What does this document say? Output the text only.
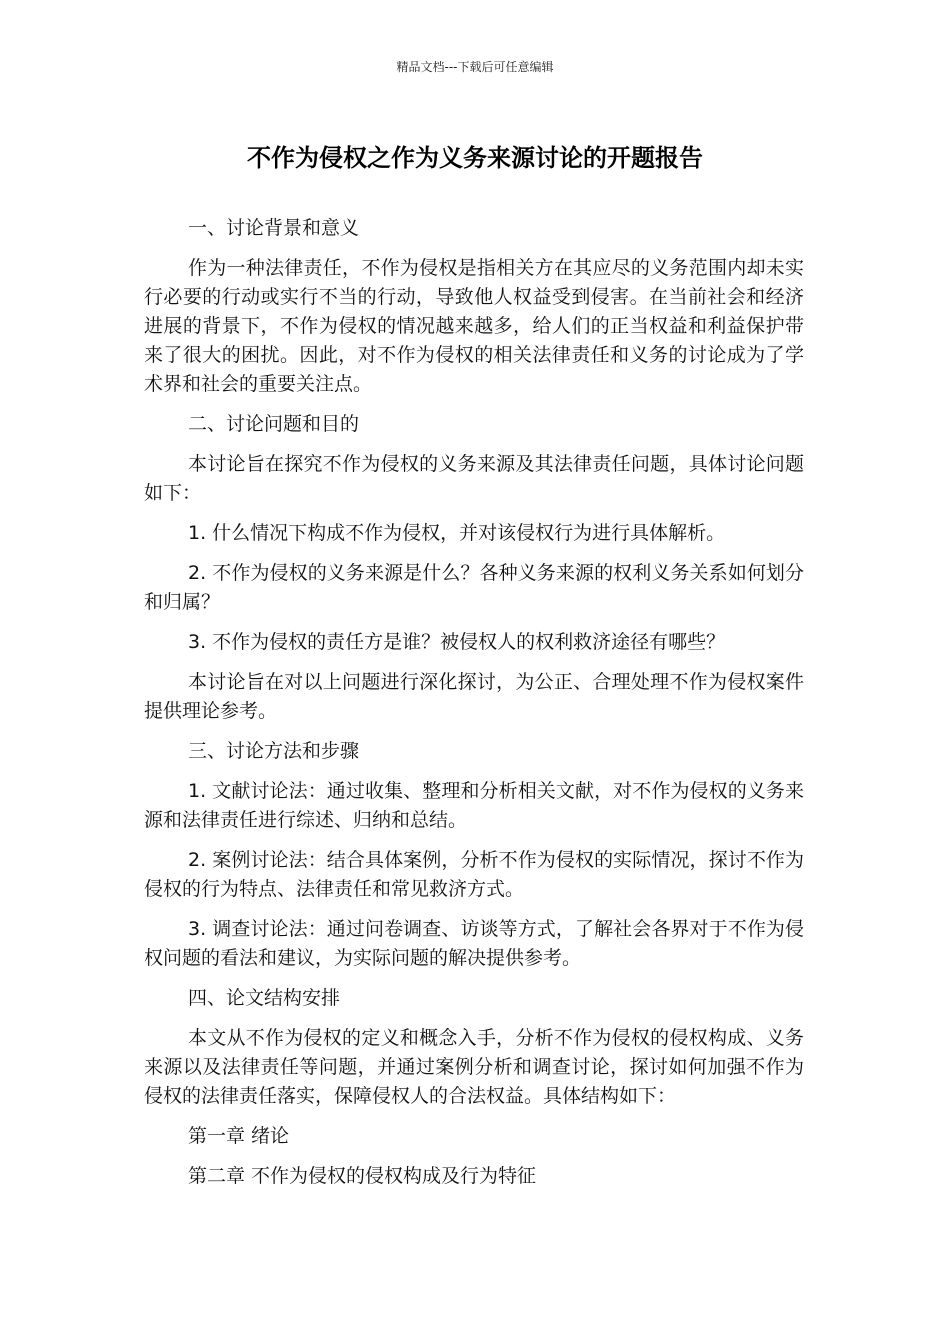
精品文档---下载后可任意编辑
不作为侵权之作为义务来源讨论的开题报告

一、讨论背景和意义

作为一种法律责任，不作为侵权是指相关方在其应尽的义务范围内却未实行必要的行动或实行不当的行动，导致他人权益受到侵害。在当前社会和经济进展的背景下，不作为侵权的情况越来越多，给人们的正当权益和利益保护带来了很大的困扰。因此，对不作为侵权的相关法律责任和义务的讨论成为了学术界和社会的重要关注点。

二、讨论问题和目的

本讨论旨在探究不作为侵权的义务来源及其法律责任问题，具体讨论问题如下：

1. 什么情况下构成不作为侵权，并对该侵权行为进行具体解析。

2. 不作为侵权的义务来源是什么？各种义务来源的权利义务关系如何划分和归属？

3. 不作为侵权的责任方是谁？被侵权人的权利救济途径有哪些？

本讨论旨在对以上问题进行深化探讨，为公正、合理处理不作为侵权案件提供理论参考。

三、讨论方法和步骤

1. 文献讨论法：通过收集、整理和分析相关文献，对不作为侵权的义务来源和法律责任进行综述、归纳和总结。

2. 案例讨论法：结合具体案例，分析不作为侵权的实际情况，探讨不作为侵权的行为特点、法律责任和常见救济方式。

3. 调查讨论法：通过问卷调查、访谈等方式，了解社会各界对于不作为侵权问题的看法和建议，为实际问题的解决提供参考。

四、论文结构安排

本文从不作为侵权的定义和概念入手，分析不作为侵权的侵权构成、义务来源以及法律责任等问题，并通过案例分析和调查讨论，探讨如何加强不作为侵权的法律责任落实，保障侵权人的合法权益。具体结构如下：

第一章 绪论

第二章 不作为侵权的侵权构成及行为特征
